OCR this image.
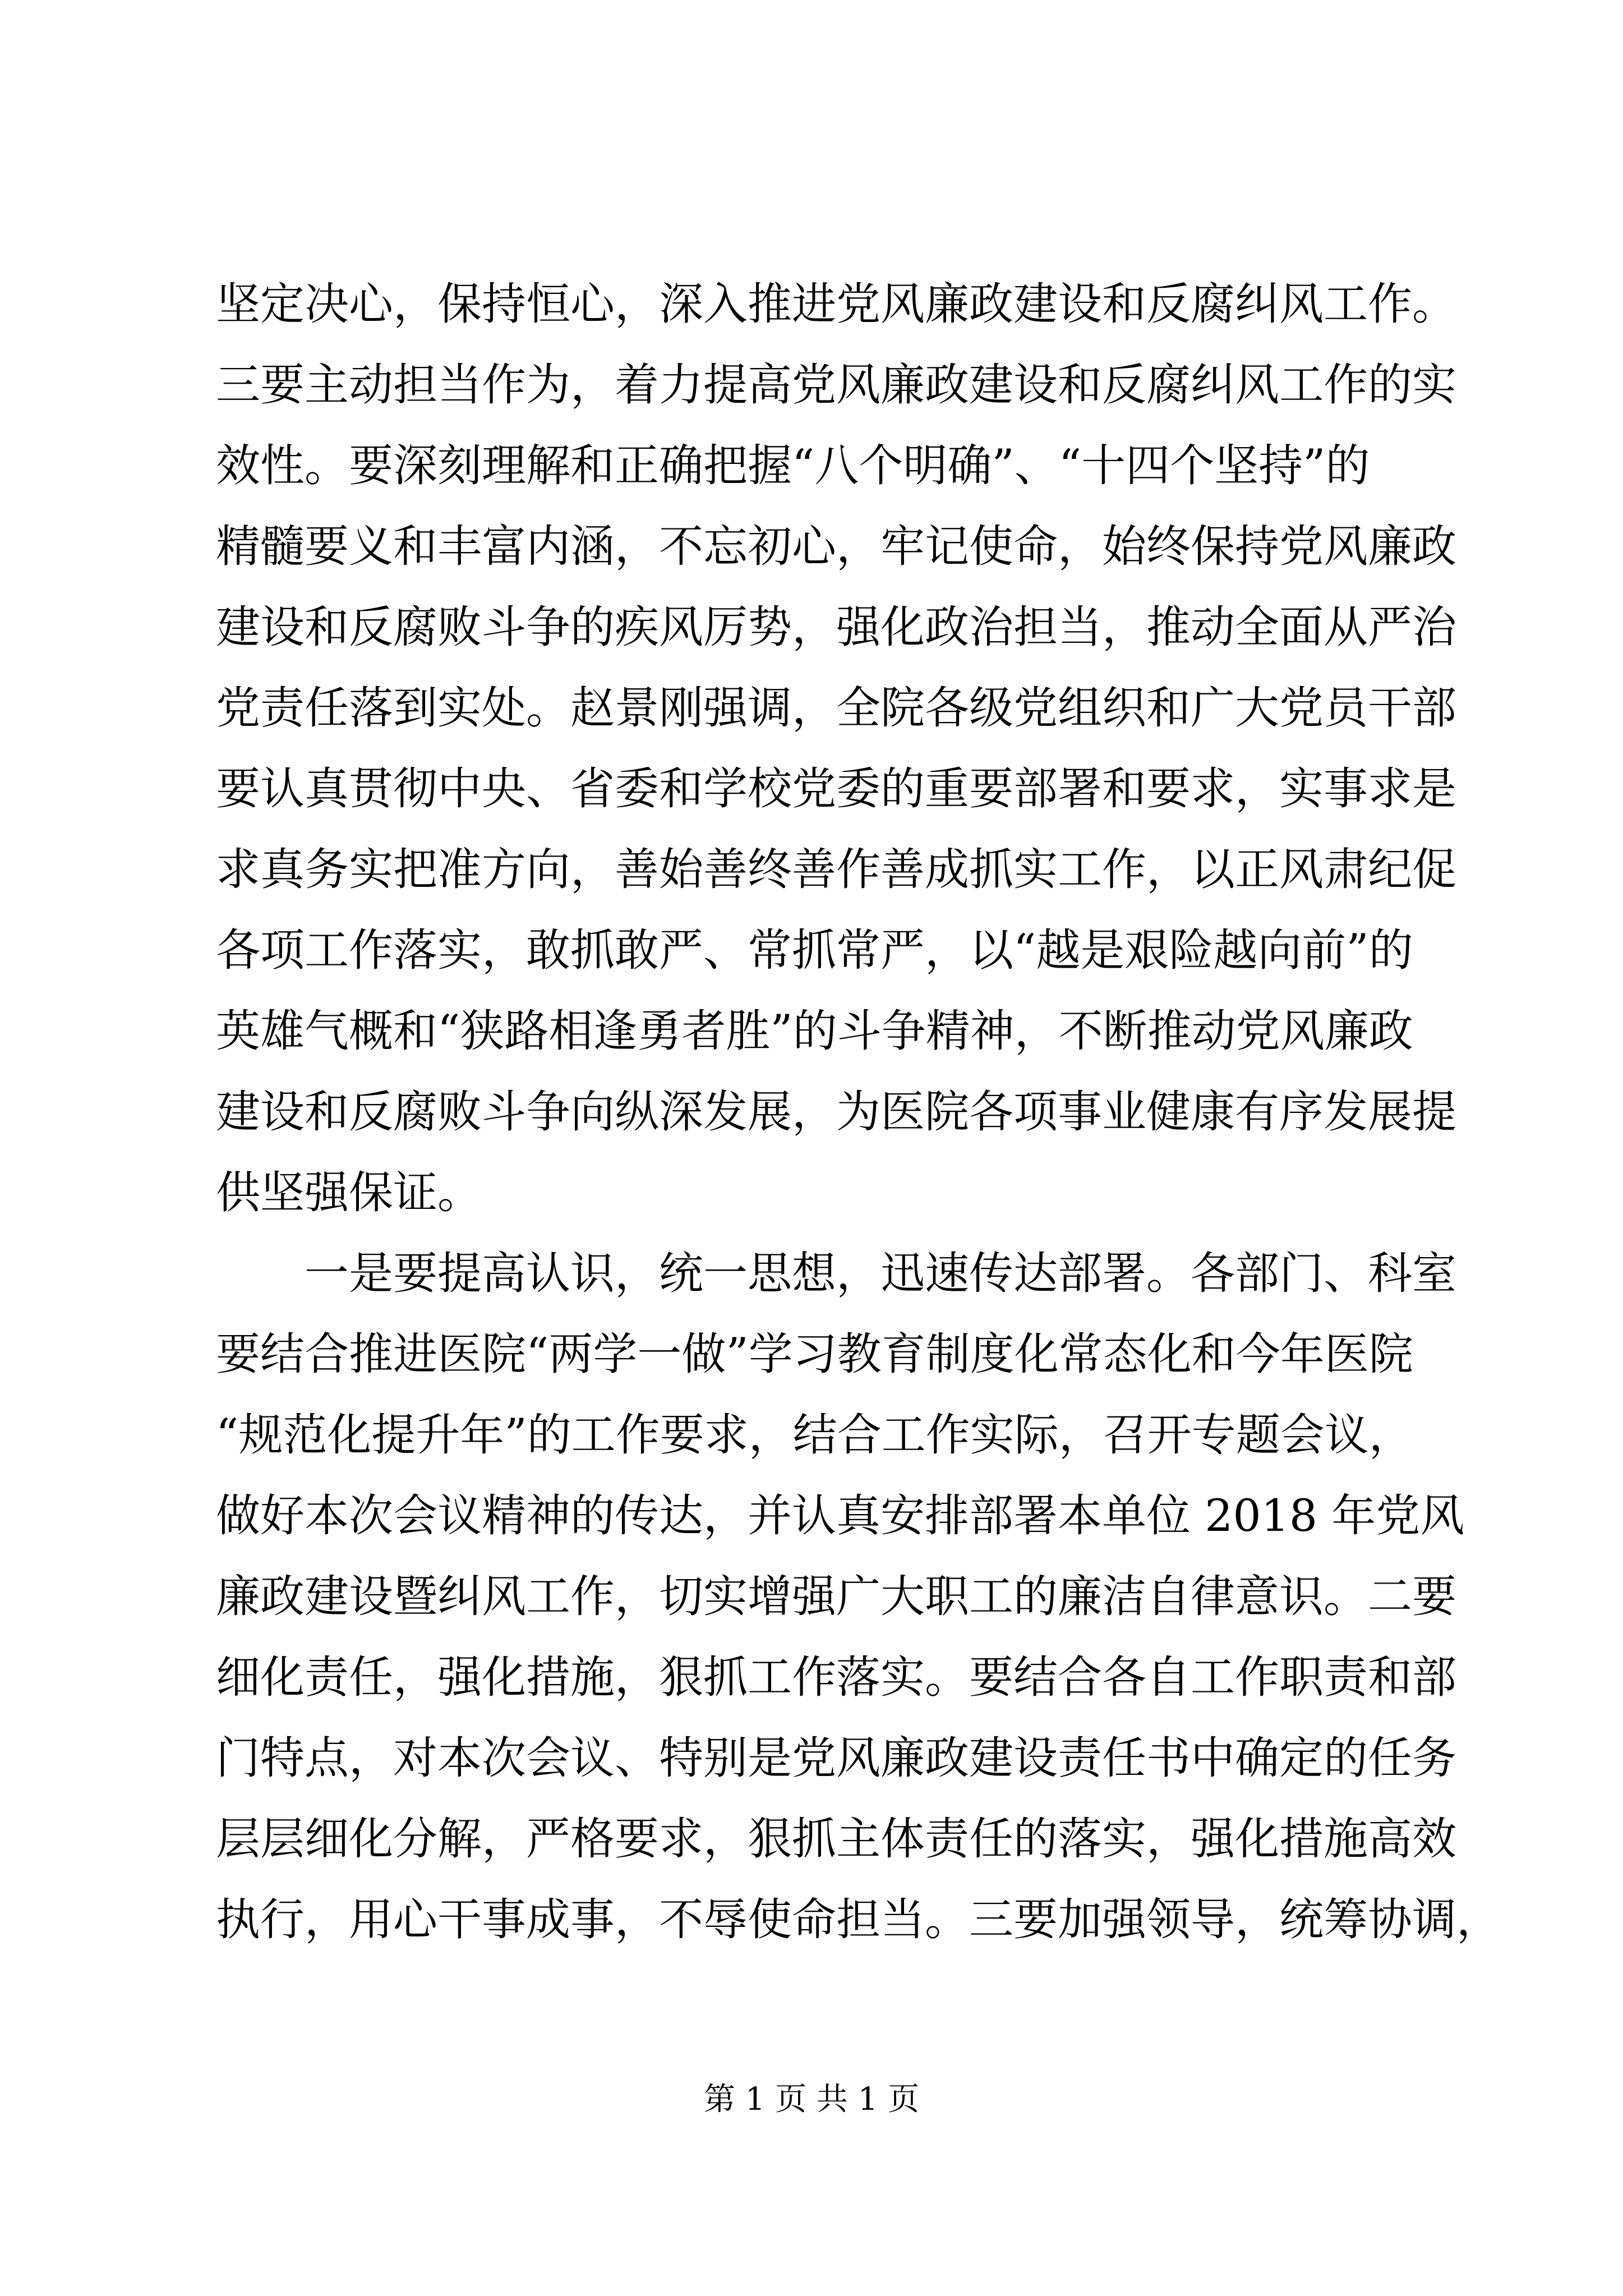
坚定决心，保持恒心，深入推进党风廉政建设和反腐纠风工作。
三要主动担当作为，着力提高党风廉政建设和反腐纠风工作的实
效性。要深刻理解和正确把握“八个明确”、“十四个坚持”的
精髓要义和丰富内涵，不忘初心，牢记使命，始终保持党风廉政
建设和反腐败斗争的疾风厉势，强化政治担当，推动全面从严治
党责任落到实处。赵景刚强调，全院各级党组织和广大党员干部
要认真贯彻中央、省委和学校党委的重要部署和要求，实事求是
求真务实把准方向，善始善终善作善成抓实工作，以正风肃纪促
各项工作落实，敢抓敢严、常抓常严，以“越是艰险越向前”的
英雄气概和“狭路相逢勇者胜”的斗争精神，不断推动党风廉政
建设和反腐败斗争向纵深发展，为医院各项事业健康有序发展提
供坚强保证。
一是要提高认识，统一思想，迅速传达部署。各部门、科室
要结合推进医院“两学一做”学习教育制度化常态化和今年医院
“规范化提升年”的工作要求，结合工作实际，召开专题会议，
做好本次会议精神的传达，并认真安排部署本单位 2018 年党风
廉政建设暨纠风工作，切实增强广大职工的廉洁自律意识。二要
细化责任，强化措施，狠抓工作落实。要结合各自工作职责和部
门特点，对本次会议、特别是党风廉政建设责任书中确定的任务
层层细化分解，严格要求，狠抓主体责任的落实，强化措施高效
执行，用心干事成事，不辱使命担当。三要加强领导，统筹协调，
第 1 页 共 1 页
